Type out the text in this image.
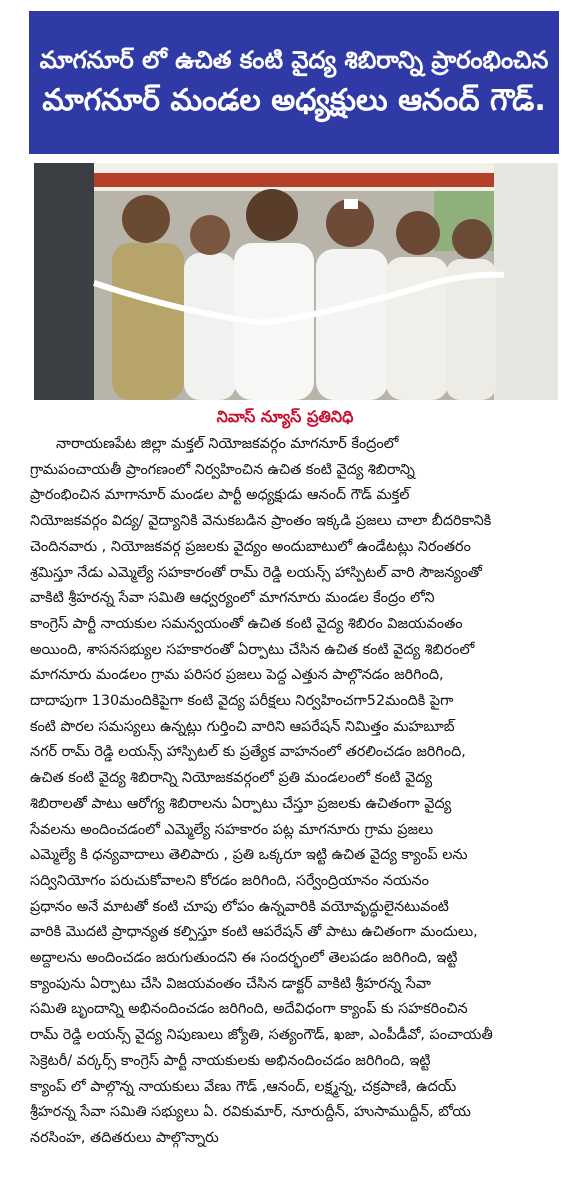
మాగనూర్ లో ఉచిత కంటి వైద్య శిబిరాన్ని ప్రారంభించిన
మాగనూర్ మండల అధ్యక్షులు ఆనంద్ గౌడ్.
నివాస్ న్యూస్ ప్రతినిధి
నారాయణపేట జిల్లా మక్తల్ నియోజకవర్గం మాగనూర్ కేంద్రంలో
గ్రామపంచాయతీ ప్రాంగణంలో నిర్వహించిన ఉచిత కంటి వైద్య శిబిరాన్ని
ప్రారంభించిన మాగానూర్ మండల పార్టీ అధ్యక్షుడు ఆనంద్ గౌడ్ మక్తల్
నియోజకవర్గం విద్య/ వైద్యానికి వెనుకబడిన ప్రాంతం ఇక్కడి ప్రజలు చాలా బీదరికానికి
చెందినవారు , నియోజకవర్గ ప్రజలకు వైద్యం అందుబాటులో ఉండేటట్లు నిరంతరం
శ్రమిస్తూ నేడు ఎమ్మెల్యే సహకారంతో రామ్ రెడ్డి లయన్స్ హాస్పిటల్ వారి సౌజన్యంతో
వాకిటి శ్రీహరన్న సేవా సమితి ఆధ్వర్యంలో మాగనూరు మండల కేంద్రం లోని
కాంగ్రెస్ పార్టీ నాయకుల సమన్వయంతో ఉచిత కంటి వైద్య శిబిరం విజయవంతం
అయింది, శాసనసభ్యుల సహకారంతో ఏర్పాటు చేసిన ఉచిత కంటి వైద్య శిబిరంలో
మాగనూరు మండలం గ్రామ పరిసర ప్రజలు పెద్ద ఎత్తున పాల్గొనడం జరిగింది,
దాదాపుగా 130మందికిపైగా కంటి వైద్య పరీక్షలు నిర్వహించగా52మందికి పైగా
కంటి పొరల సమస్యలు ఉన్నట్లు గుర్తించి వారిని ఆపరేషన్ నిమిత్తం మహబూబ్
నగర్ రామ్ రెడ్డి లయన్స్ హాస్పిటల్ కు ప్రత్యేక వాహనంలో తరలించడం జరిగింది,
ఉచిత కంటి వైద్య శిబిరాన్ని నియోజకవర్గంలో ప్రతి మండలంలో కంటి వైద్య
శిబిరాలతో పాటు ఆరోగ్య శిబిరాలను ఏర్పాటు చేస్తూ ప్రజలకు ఉచితంగా వైద్య
సేవలను అందించడంలో ఎమ్మెల్యే సహకారం పట్ల మాగనూరు గ్రామ ప్రజలు
ఎమ్మెల్యే కి ధన్యవాదాలు తెలిపారు , ప్రతి ఒక్కరూ ఇట్టి ఉచిత వైద్య క్యాంప్ లను
సద్వినియోగం పరుచుకోవాలని కోరడం జరిగింది, సర్వేంద్రియానం నయనం
ప్రధానం అనే మాటతో కంటి చూపు లోపం ఉన్నవారికి వయోవృద్ధులైనటువంటి
వారికి మొదటి ప్రాధాన్యత కల్పిస్తూ కంటి ఆపరేషన్ తో పాటు ఉచితంగా మందులు,
అద్దాలను అందించడం జరుగుతుందని ఈ సందర్భంలో తెలపడం జరిగింది, ఇట్టి
క్యాంపును ఏర్పాటు చేసి విజయవంతం చేసిన డాక్టర్ వాకిటి శ్రీహరన్న సేవా
సమితి బృందాన్ని అభినందించడం జరిగింది, అదేవిధంగా క్యాంప్ కు సహకరించిన
రామ్ రెడ్డి లయన్స్ వైద్య నిపుణులు జ్యోతి, సత్యంగౌడ్, ఖజా, ఎంపీడీవో, పంచాయతీ
సెక్రెటరీ/ వర్కర్స్ కాంగ్రెస్ పార్టీ నాయకులకు అభినందించడం జరిగింది, ఇట్టి
క్యాంప్ లో పాల్గొన్న నాయకులు వేణు గౌడ్ ,ఆనంద్, లక్ష్మన్న, చక్రపాణి, ఉదయ్
శ్రీహరన్న సేవా సమితి సభ్యులు ఏ. రవికుమార్, నూరుద్దీన్, హుసాముద్దీన్, బోయ
నరసింహ, తదితరులు పాల్గొన్నారు
